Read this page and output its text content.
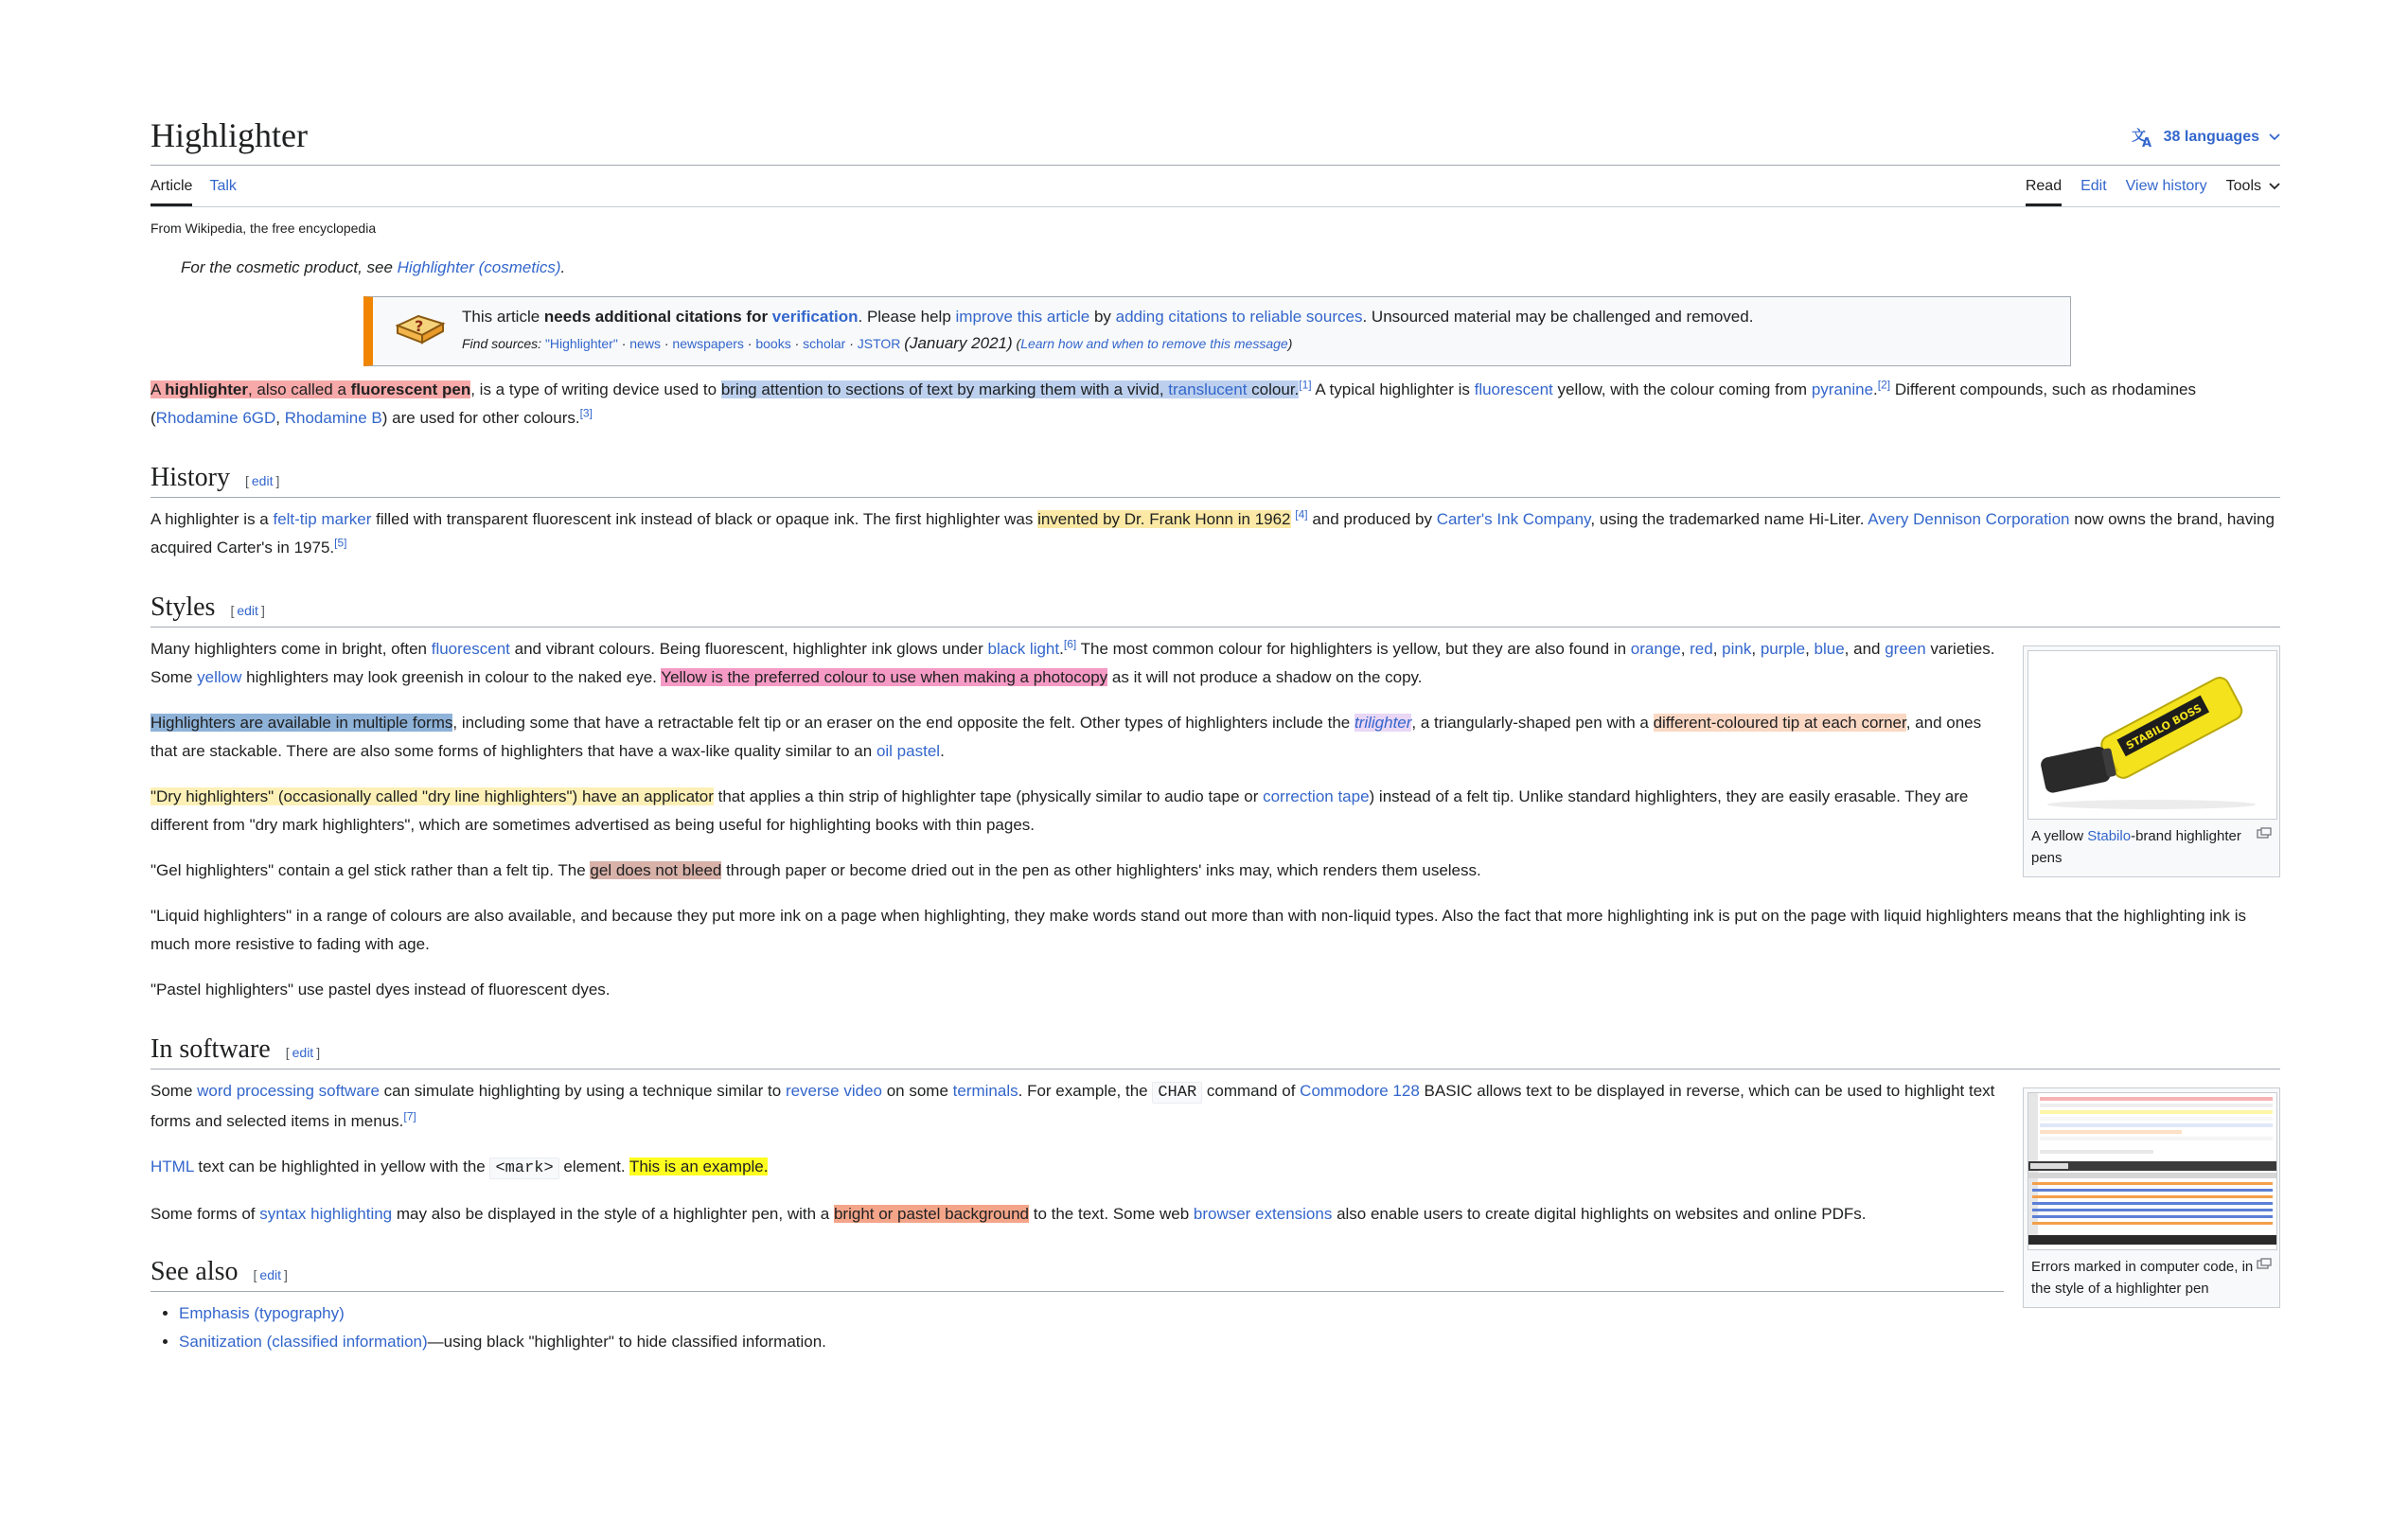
Highlighter	文
A 38 languages
Article Talk	Read Edit View history Tools
From Wikipedia, the free encyclopedia
For the cosmetic product, see Highlighter (cosmetics).
?
This article needs additional citations for verification. Please help improve this article by adding citations to reliable sources. Unsourced material may be challenged and removed.
Find sources: "Highlighter" · news · newspapers · books · scholar · JSTOR (January 2021) (Learn how and when to remove this message)

A highlighter, also called a fluorescent pen, is a type of writing device used to bring attention to sections of text by marking them with a vivid, translucent colour.[1] A typical highlighter is fluorescent yellow, with the colour coming from pyranine.[2] Different compounds, such as rhodamines (Rhodamine 6GD, Rhodamine B) are used for other colours.[3]

History [ edit ]

A highlighter is a felt-tip marker filled with transparent fluorescent ink instead of black or opaque ink. The first highlighter was invented by Dr. Frank Honn in 1962 [4] and produced by Carter's Ink Company, using the trademarked name Hi-Liter. Avery Dennison Corporation now owns the brand, having acquired Carter's in 1975.[5]

Styles [ edit ]
STABILO BOSS
A yellow Stabilo-brand highlighter pens

Many highlighters come in bright, often fluorescent and vibrant colours. Being fluorescent, highlighter ink glows under black light.[6] The most common colour for highlighters is yellow, but they are also found in orange, red, pink, purple, blue, and green varieties. Some yellow highlighters may look greenish in colour to the naked eye. Yellow is the preferred colour to use when making a photocopy as it will not produce a shadow on the copy.

Highlighters are available in multiple forms, including some that have a retractable felt tip or an eraser on the end opposite the felt. Other types of highlighters include the trilighter, a triangularly-shaped pen with a different-coloured tip at each corner, and ones that are stackable. There are also some forms of highlighters that have a wax-like quality similar to an oil pastel.

"Dry highlighters" (occasionally called "dry line highlighters") have an applicator that applies a thin strip of highlighter tape (physically similar to audio tape or correction tape) instead of a felt tip. Unlike standard highlighters, they are easily erasable. They are different from "dry mark highlighters", which are sometimes advertised as being useful for highlighting books with thin pages.

"Gel highlighters" contain a gel stick rather than a felt tip. The gel does not bleed through paper or become dried out in the pen as other highlighters' inks may, which renders them useless.

"Liquid highlighters" in a range of colours are also available, and because they put more ink on a page when highlighting, they make words stand out more than with non-liquid types. Also the fact that more highlighting ink is put on the page with liquid highlighters means that the highlighting ink is much more resistive to fading with age.

"Pastel highlighters" use pastel dyes instead of fluorescent dyes.

In software [ edit ]
Errors marked in computer code, in the style of a highlighter pen

Some word processing software can simulate highlighting by using a technique similar to reverse video on some terminals. For example, the CHAR command of Commodore 128 BASIC allows text to be displayed in reverse, which can be used to highlight text forms and selected items in menus.[7]

HTML text can be highlighted in yellow with the <mark> element. This is an example.

Some forms of syntax highlighting may also be displayed in the style of a highlighter pen, with a bright or pastel background to the text. Some web browser extensions also enable users to create digital highlights on websites and online PDFs.

See also [ edit ]
• Emphasis (typography)
• Sanitization (classified information)—using black "highlighter" to hide classified information.
